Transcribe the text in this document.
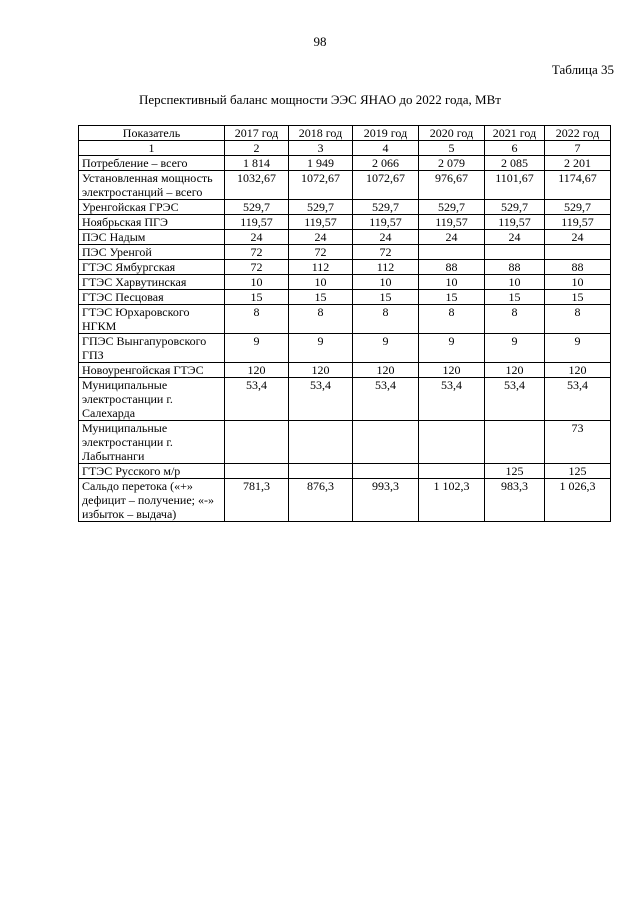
98
Таблица 35
Перспективный баланс мощности ЭЭС ЯНАО до 2022 года, МВт
Показатель	2017 год	2018 год	2019 год	2020 год	2021 год	2022 год
1	2	3	4	5	6	7
Потребление – всего	1 814	1 949	2 066	2 079	2 085	2 201
Установленная мощность электростанций – всего	1032,67	1072,67	1072,67	976,67	1101,67	1174,67
Уренгойская ГРЭС	529,7	529,7	529,7	529,7	529,7	529,7
Ноябрьская ПГЭ	119,57	119,57	119,57	119,57	119,57	119,57
ПЭС Надым	24	24	24	24	24	24
ПЭС Уренгой	72	72	72			
ГТЭС Ямбургская	72	112	112	88	88	88
ГТЭС Харвутинская	10	10	10	10	10	10
ГТЭС Песцовая	15	15	15	15	15	15
ГТЭС Юрхаровского НГКМ	8	8	8	8	8	8
ГПЭС Вынгапуровского ГПЗ	9	9	9	9	9	9
Новоуренгойская ГТЭС	120	120	120	120	120	120
Муниципальные электростанции г. Салехарда	53,4	53,4	53,4	53,4	53,4	53,4
Муниципальные электростанции г. Лабытнанги						73
ГТЭС Русского м/р					125	125
Сальдо перетока («+» дефицит – получение; «-» избыток – выдача)	781,3	876,3	993,3	1 102,3	983,3	1 026,3
